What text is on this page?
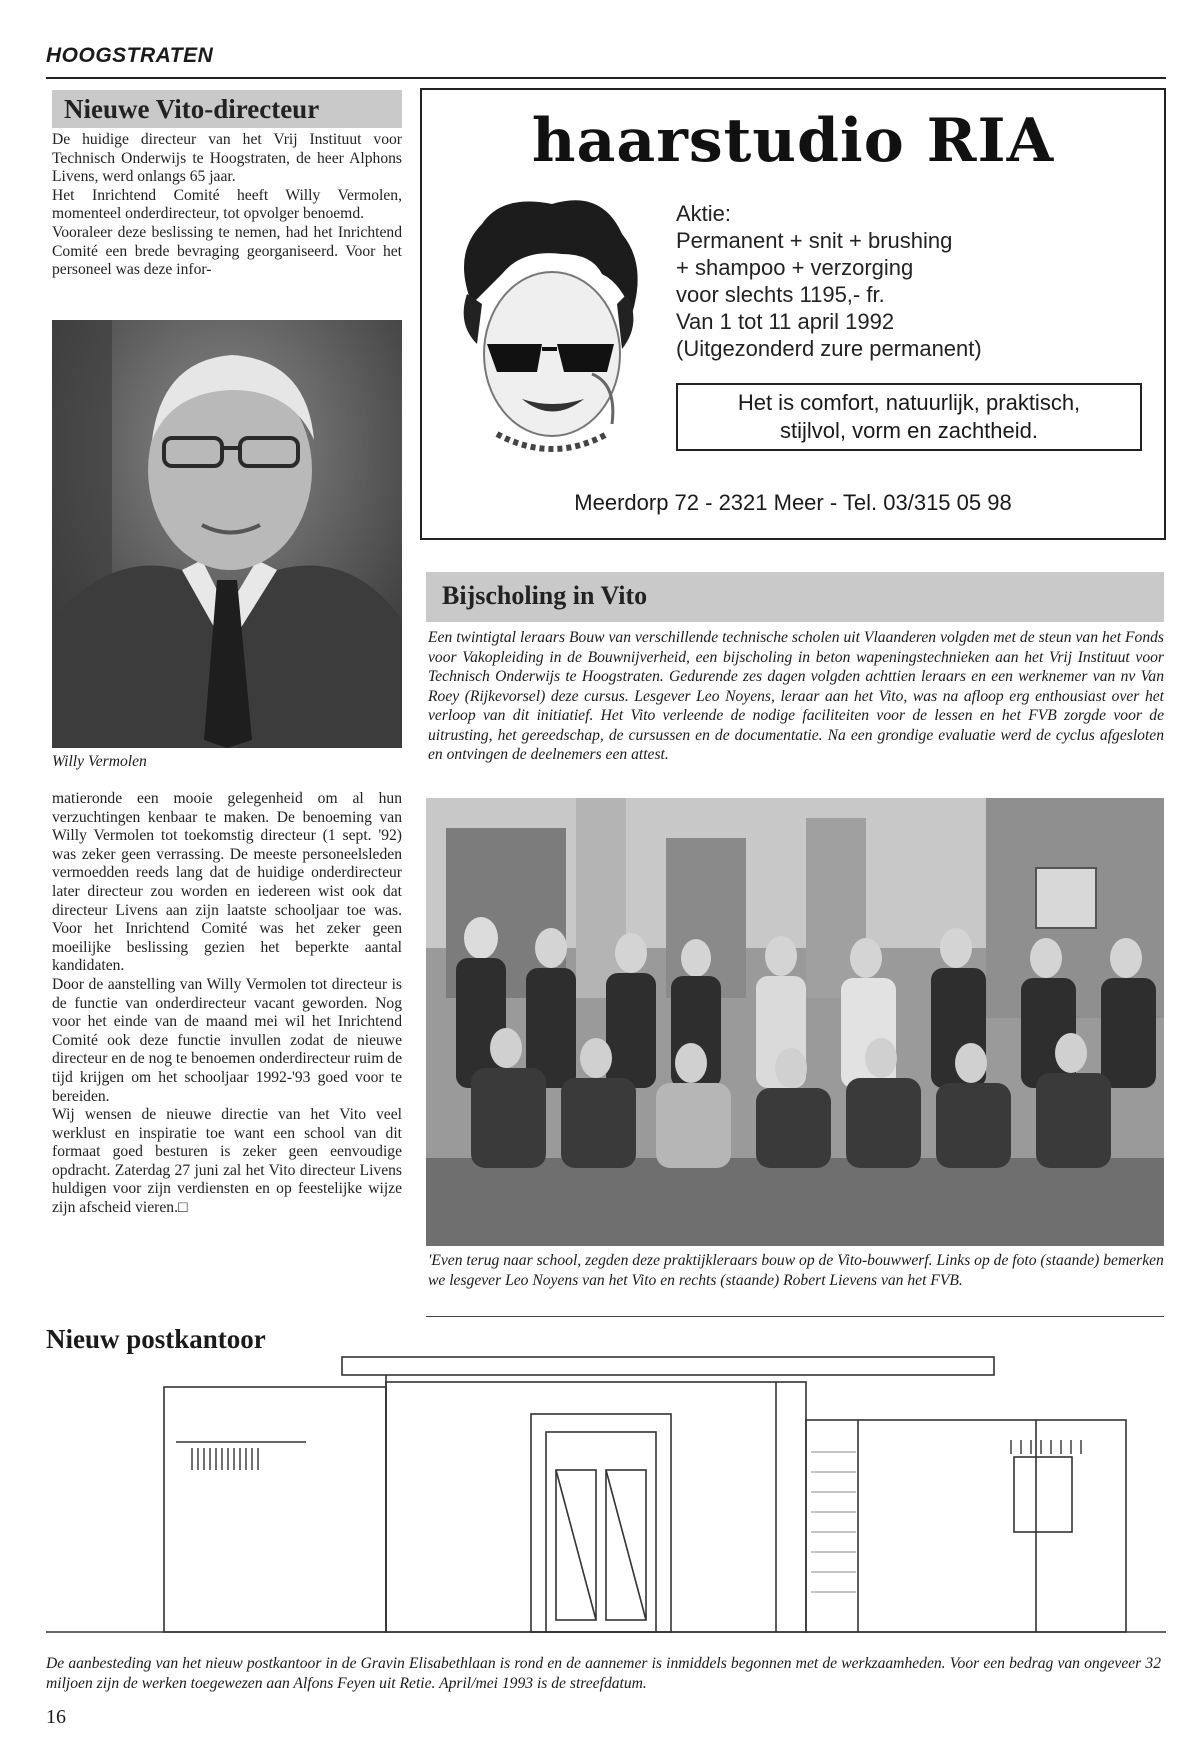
HOOGSTRATEN
Nieuwe Vito-directeur

De huidige directeur van het Vrij Instituut voor Technisch Onderwijs te Hoogstraten, de heer Alphons Livens, werd onlangs 65 jaar.

Het Inrichtend Comité heeft Willy Vermolen, momenteel onderdirecteur, tot opvolger benoemd.

Vooraleer deze beslissing te nemen, had het Inrichtend Comité een brede bevraging georganiseerd. Voor het personeel was deze infor-

Willy Vermolen

matieronde een mooie gelegenheid om al hun verzuchtingen kenbaar te maken. De benoeming van Willy Vermolen tot toekomstig directeur (1 sept. '92) was zeker geen verrassing. De meeste personeelsleden vermoedden reeds lang dat de huidige onderdirecteur later directeur zou worden en iedereen wist ook dat directeur Livens aan zijn laatste schooljaar toe was. Voor het Inrichtend Comité was het zeker geen moeilijke beslissing gezien het beperkte aantal kandidaten.

Door de aanstelling van Willy Vermolen tot directeur is de functie van onderdirecteur vacant geworden. Nog voor het einde van de maand mei wil het Inrichtend Comité ook deze functie invullen zodat de nieuwe directeur en de nog te benoemen onderdirecteur ruim de tijd krijgen om het schooljaar 1992-'93 goed voor te bereiden.

Wij wensen de nieuwe directie van het Vito veel werklust en inspiratie toe want een school van dit formaat goed besturen is zeker geen eenvoudige opdracht. Zaterdag 27 juni zal het Vito directeur Livens huldigen voor zijn verdiensten en op feestelijke wijze zijn afscheid vieren.□

haarstudio RIA
Aktie:
Permanent + snit + brushing
+ shampoo + verzorging
voor slechts 1195,- fr.
Van 1 tot 11 april 1992
(Uitgezonderd zure permanent)
Het is comfort, natuurlijk, praktisch,
stijlvol, vorm en zachtheid.
Meerdorp 72 - 2321 Meer - Tel. 03/315 05 98
Bijscholing in Vito
Een twintigtal leraars Bouw van verschillende technische scholen uit Vlaanderen volgden met de steun van het Fonds voor Vakopleiding in de Bouwnijverheid, een bijscholing in beton wapeningstechnieken aan het Vrij Instituut voor Technisch Onderwijs te Hoogstraten. Gedurende zes dagen volgden achttien leraars en een werknemer van nv Van Roey (Rijkevorsel) deze cursus. Lesgever Leo Noyens, leraar aan het Vito, was na afloop erg enthousiast over het verloop van dit initiatief. Het Vito verleende de nodige faciliteiten voor de lessen en het FVB zorgde voor de uitrusting, het gereedschap, de cursussen en de documentatie. Na een grondige evaluatie werd de cyclus afgesloten en ontvingen de deelnemers een attest.
'Even terug naar school, zegden deze praktijkleraars bouw op de Vito-bouwwerf. Links op de foto (staande) bemerken we lesgever Leo Noyens van het Vito en rechts (staande) Robert Lievens van het FVB.
Nieuw postkantoor
De aanbesteding van het nieuw postkantoor in de Gravin Elisabethlaan is rond en de aannemer is inmiddels begonnen met de werkzaamheden. Voor een bedrag van ongeveer 32 miljoen zijn de werken toegewezen aan Alfons Feyen uit Retie. April/mei 1993 is de streefdatum.
16
